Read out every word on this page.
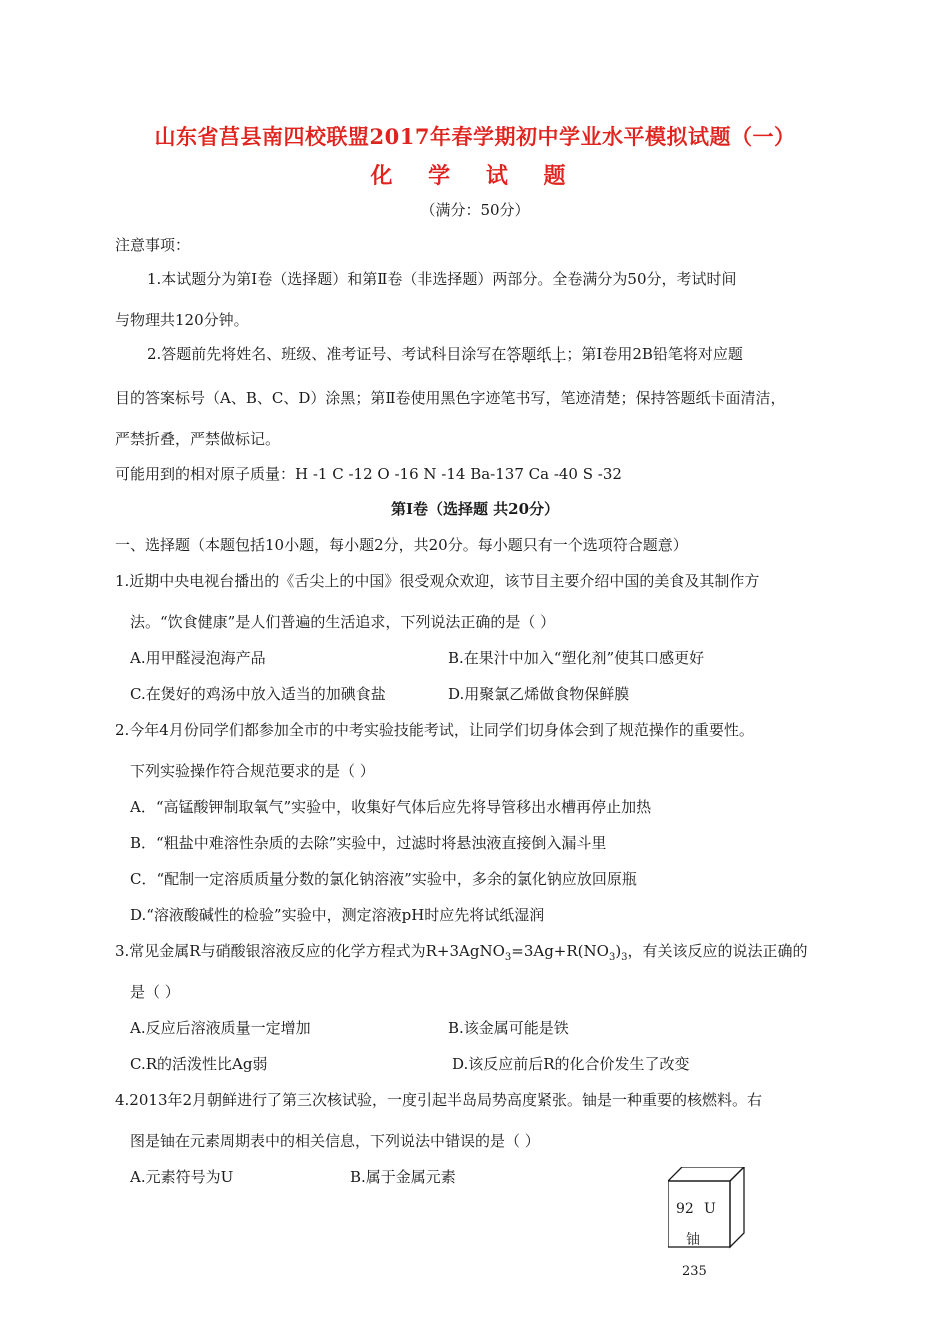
山东省莒县南四校联盟2017年春学期初中学业水平模拟试题（一）
化 学 试 题
（满分：50分）
注意事项：
1.本试题分为第Ⅰ卷（选择题）和第Ⅱ卷（非选择题）两部分。全卷满分为50分，考试时间
与物理共120分钟。
2.答题前先将姓名、班级、准考证号、考试科目涂写在答题纸上；第Ⅰ卷用2B铅笔将对应题
目的答案标号（A、B、C、D）涂黑；第Ⅱ卷使用黑色字迹笔书写，笔迹清楚；保持答题纸卡面清洁，
严禁折叠，严禁做标记。
可能用到的相对原子质量：H -1 C -12 O -16 N -14 Ba-137 Ca -40 S -32
第Ⅰ卷（选择题 共20分）
一、选择题（本题包括10小题，每小题2分，共20分。每小题只有一个选项符合题意）
1.近期中央电视台播出的《舌尖上的中国》很受观众欢迎，该节目主要介绍中国的美食及其制作方
法。“饮食健康”是人们普遍的生活追求，下列说法正确的是（ ）
A.用甲醛浸泡海产品	B.在果汁中加入“塑化剂”使其口感更好
C.在煲好的鸡汤中放入适当的加碘食盐	D.用聚氯乙烯做食物保鲜膜
2.今年4月份同学们都参加全市的中考实验技能考试，让同学们切身体会到了规范操作的重要性。
下列实验操作符合规范要求的是（ ）
A．“高锰酸钾制取氧气”实验中，收集好气体后应先将导管移出水槽再停止加热
B．“粗盐中难溶性杂质的去除”实验中，过滤时将悬浊液直接倒入漏斗里
C．“配制一定溶质质量分数的氯化钠溶液”实验中，多余的氯化钠应放回原瓶
D.“溶液酸碱性的检验”实验中，测定溶液pH时应先将试纸湿润
3.常见金属R与硝酸银溶液反应的化学方程式为$R+3AgNO_3=3Ag+R(NO_3)_3$，有关该反应的说法正确的
是（ ）
A.反应后溶液质量一定增加	B.该金属可能是铁
C.R的活泼性比Ag弱	D.该反应前后R的化合价发生了改变
4.2013年2月朝鲜进行了第三次核试验，一度引起半岛局势高度紧张。铀是一种重要的核燃料。右
图是铀在元素周期表中的相关信息，下列说法中错误的是（ ）
A.元素符号为U	B.属于金属元素
92 U
铀
235
